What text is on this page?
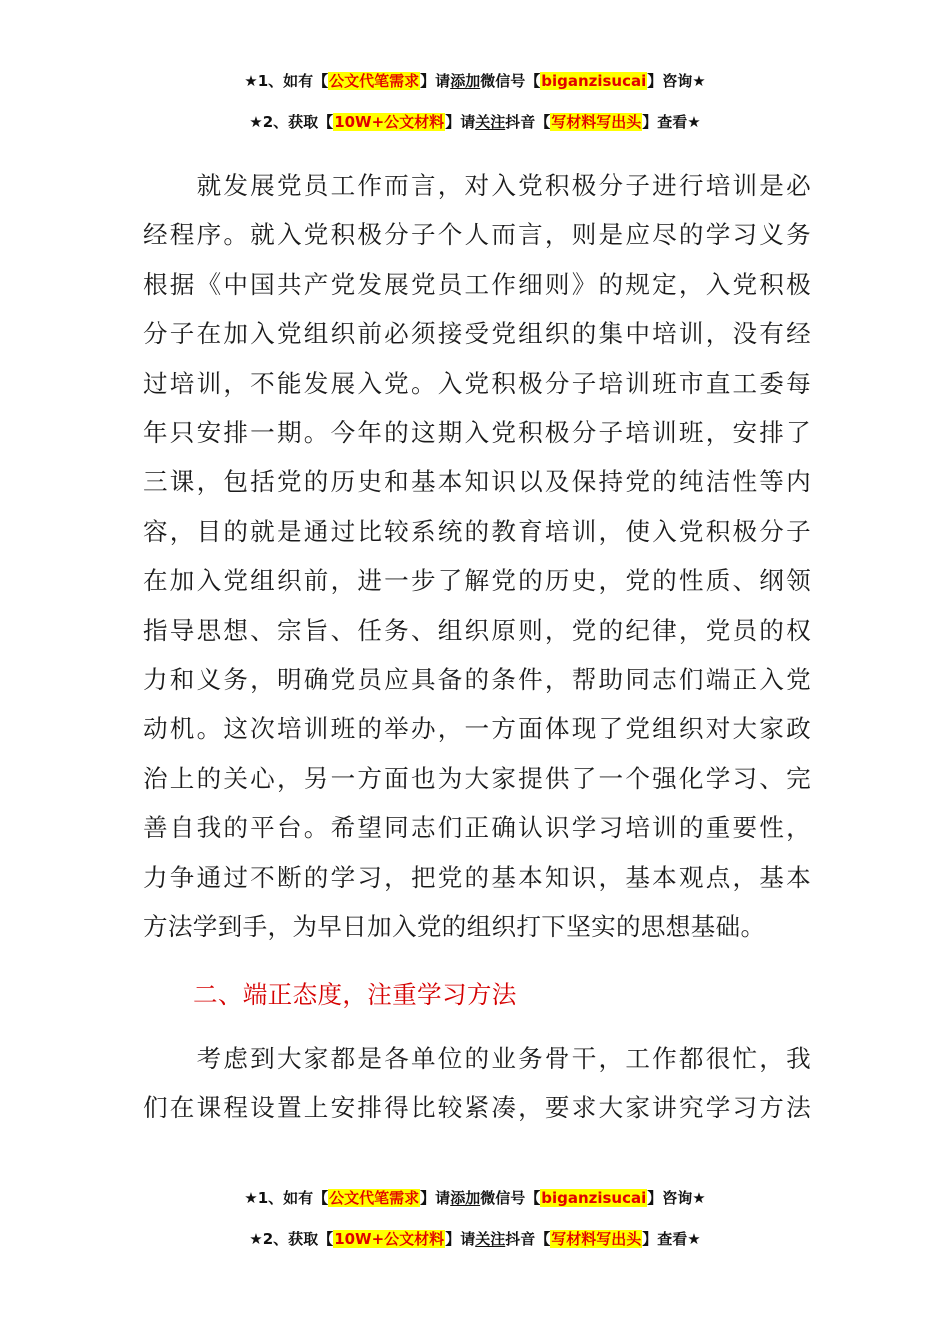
★1、如有【公文代笔需求】请添加微信号【biganzisucai】咨询★
★2、获取【10W+公文材料】请关注抖音【写材料写出头】查看★
　　就发展党员工作而言，对入党积极分子进行培训是必
经程序。就入党积极分子个人而言，则是应尽的学习义务
根据《中国共产党发展党员工作细则》的规定，入党积极
分子在加入党组织前必须接受党组织的集中培训，没有经
过培训，不能发展入党。入党积极分子培训班市直工委每
年只安排一期。今年的这期入党积极分子培训班，安排了
三课，包括党的历史和基本知识以及保持党的纯洁性等内
容，目的就是通过比较系统的教育培训，使入党积极分子
在加入党组织前，进一步了解党的历史，党的性质、纲领
指导思想、宗旨、任务、组织原则，党的纪律，党员的权
力和义务，明确党员应具备的条件，帮助同志们端正入党
动机。这次培训班的举办，一方面体现了党组织对大家政
治上的关心，另一方面也为大家提供了一个强化学习、完
善自我的平台。希望同志们正确认识学习培训的重要性，
力争通过不断的学习，把党的基本知识，基本观点，基本
方法学到手，为早日加入党的组织打下坚实的思想基础。
二、端正态度，注重学习方法
　　考虑到大家都是各单位的业务骨干，工作都很忙，我
们在课程设置上安排得比较紧凑，要求大家讲究学习方法
★1、如有【公文代笔需求】请添加微信号【biganzisucai】咨询★
★2、获取【10W+公文材料】请关注抖音【写材料写出头】查看★
